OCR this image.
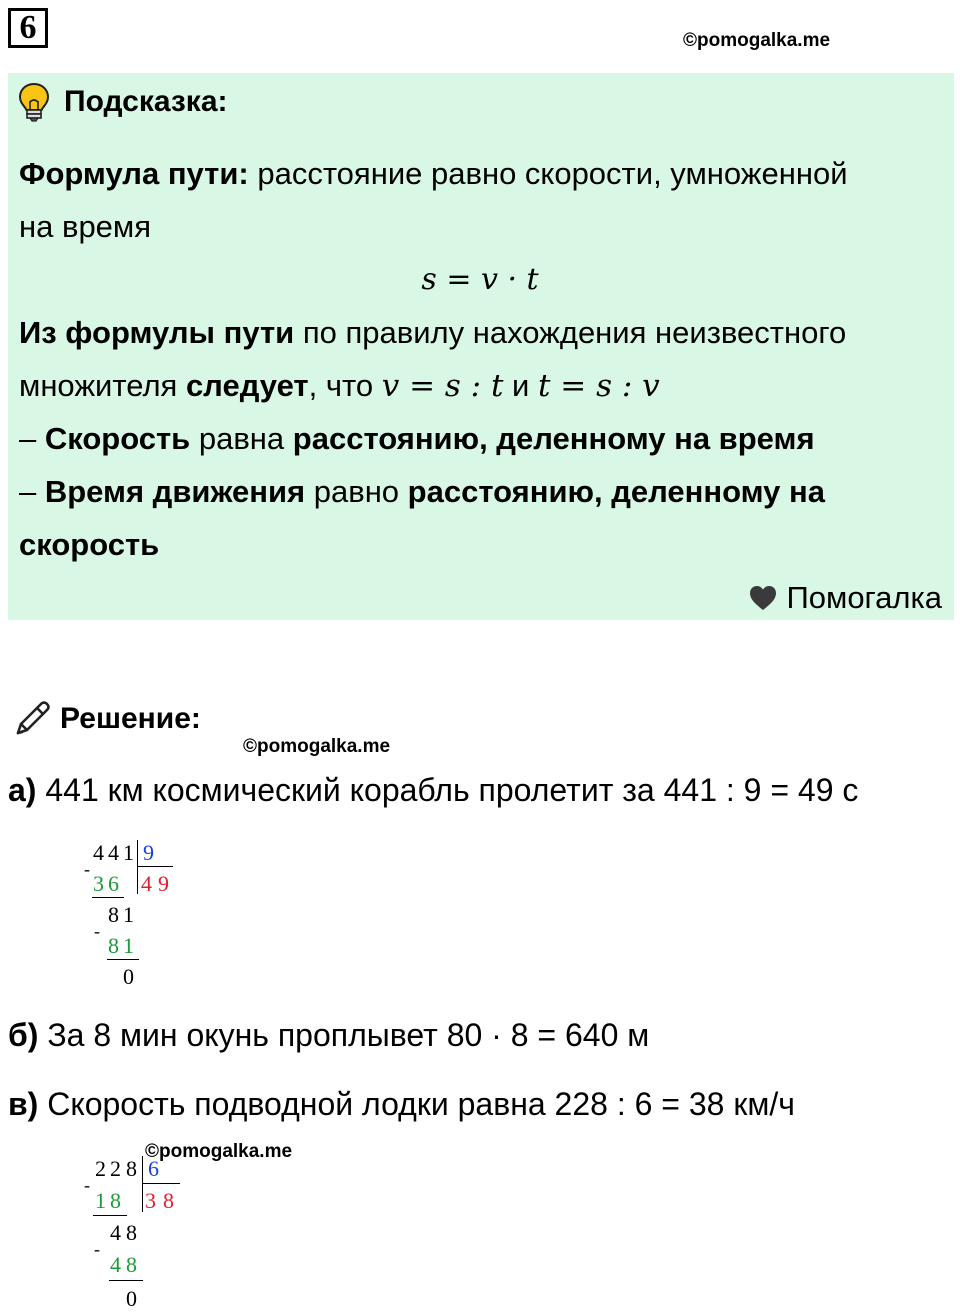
6	©pomogalka.me
Подсказка:
Формула пути: расстояние равно скорости, умноженной
на время
s = v · t
Из формулы пути по правилу нахождения неизвестного
множителя следует, что v = s : t и t = s : v
– Скорость равна расстоянию, деленному на время
– Время движения равно расстоянию, деленному на
скорость
Помогалка
Решение:
©pomogalka.me
а) 441 км космический корабль пролетит за 441 : 9 = 49 с
4 4 1 9
-
3 6 4 9
8 1
-
8 1
0
б) За 8 мин окунь проплывет 80 · 8 = 640 м
в) Скорость подводной лодки равна 228 : 6 = 38 км/ч
2 2 8 6
-
1 8 3 8
4 8
-
4 8
0
©pomogalka.me
